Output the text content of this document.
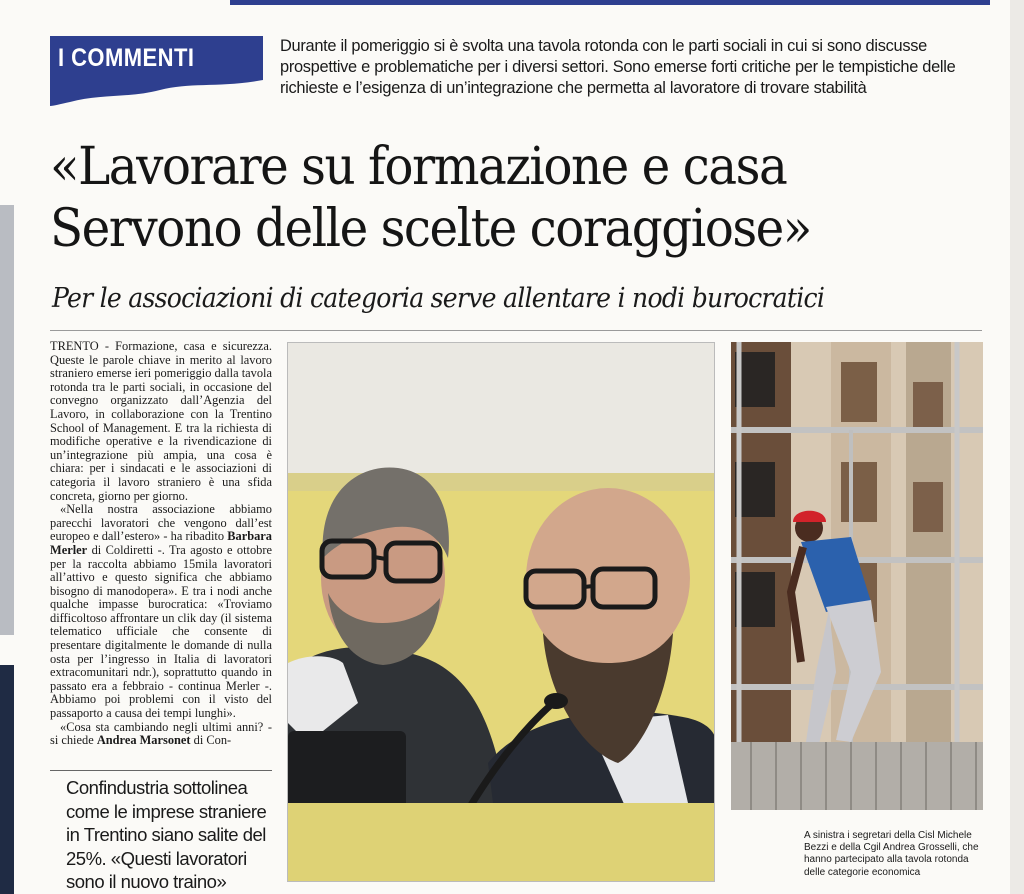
I COMMENTI	Durante il pomeriggio si è svolta una tavola rotonda con le parti sociali in cui si sono discusse prospettive e problematiche per i diversi settori. Sono emerse forti critiche per le tempistiche delle richieste e l’esigenza di un’integrazione che permetta al lavoratore di trovare stabilità
«Lavorare su formazione e casa
Servono delle scelte coraggiose»
Per le associazioni di categoria serve allentare i nodi burocratici

TRENTO - Formazione, casa e sicurezza. Queste le parole chiave in merito al lavoro straniero emerse ieri pomeriggio dalla tavola rotonda tra le parti sociali, in occasione del convegno organizzato dall’Agenzia del Lavoro, in collaborazione con la Trentino School of Management. E tra la richiesta di modifiche operative e la rivendicazione di un’integrazione più ampia, una cosa è chiara: per i sindacati e le associazioni di categoria il lavoro straniero è una sfida concreta, giorno per giorno.

«Nella nostra associazione abbiamo parecchi lavoratori che vengono dall’est europeo e dall’estero» - ha ribadito Barbara Merler di Coldiretti -. Tra agosto e ottobre per la raccolta abbiamo 15mila lavoratori all’attivo e questo significa che abbiamo bisogno di manodopera». E tra i nodi anche qualche impasse burocratica: «Troviamo difficoltoso affrontare un clik day (il sistema telematico ufficiale che consente di presentare digitalmente le domande di nulla osta per l’ingresso in Italia di lavoratori extracomunitari ndr.), soprattutto quando in passato era a febbraio - continua Merler -. Abbiamo poi problemi con il visto del passaporto a causa dei tempi lunghi».

«Cosa sta cambiando negli ultimi anni? - si chiede Andrea Marsonet di Con-

Confindustria sottolinea come le imprese straniere in Trentino siano salite del 25%. «Questi lavoratori sono il nuovo traino»
A sinistra i segretari della Cisl Michele Bezzi e della Cgil Andrea Grosselli, che hanno partecipato alla tavola rotonda delle categorie economica
